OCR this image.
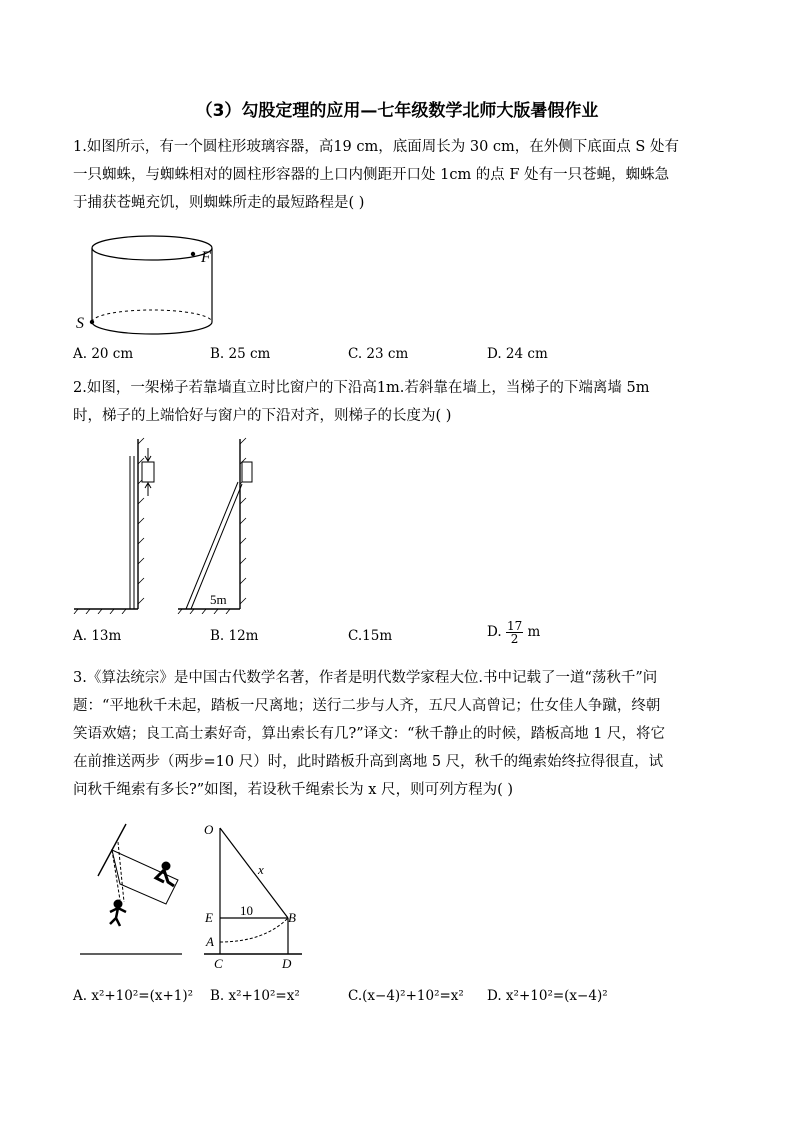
（3）勾股定理的应用—七年级数学北师大版暑假作业
1.如图所示，有一个圆柱形玻璃容器，高19 cm，底面周长为 30 cm，在外侧下底面点 S 处有
一只蜘蛛，与蜘蛛相对的圆柱形容器的上口内侧距开口处 1cm 的点 F 处有一只苍蝇，蜘蛛急
于捕获苍蝇充饥，则蜘蛛所走的最短路程是( )
F
S
A. 20 cm	B. 25 cm	C. 23 cm	D. 24 cm
2.如图，一架梯子若靠墙直立时比窗户的下沿高1m.若斜靠在墙上，当梯子的下端离墙 5m
时，梯子的上端恰好与窗户的下沿对齐，则梯子的长度为( )
5m
A. 13m	B. 12m	C.15m	D. $\frac{17}{2}$ m
3.《算法统宗》是中国古代数学名著，作者是明代数学家程大位.书中记载了一道“荡秋千”问
题：“平地秋千未起，踏板一尺离地；送行二步与人齐，五尺人高曾记；仕女佳人争蹴，终朝
笑语欢嬉；良工高士素好奇，算出索长有几?”译文：“秋千静止的时候，踏板高地 1 尺，将它
在前推送两步（两步=10 尺）时，此时踏板升高到离地 5 尺，秋千的绳索始终拉得很直，试
问秋千绳索有多长?”如图，若设秋千绳索长为 x 尺，则可列方程为( )
O
x
10
E	B
A
C	D
A. x²+10²=(x+1)² B. x²+10²=x²	C.(x−4)²+10²=x² D. x²+10²=(x−4)²
